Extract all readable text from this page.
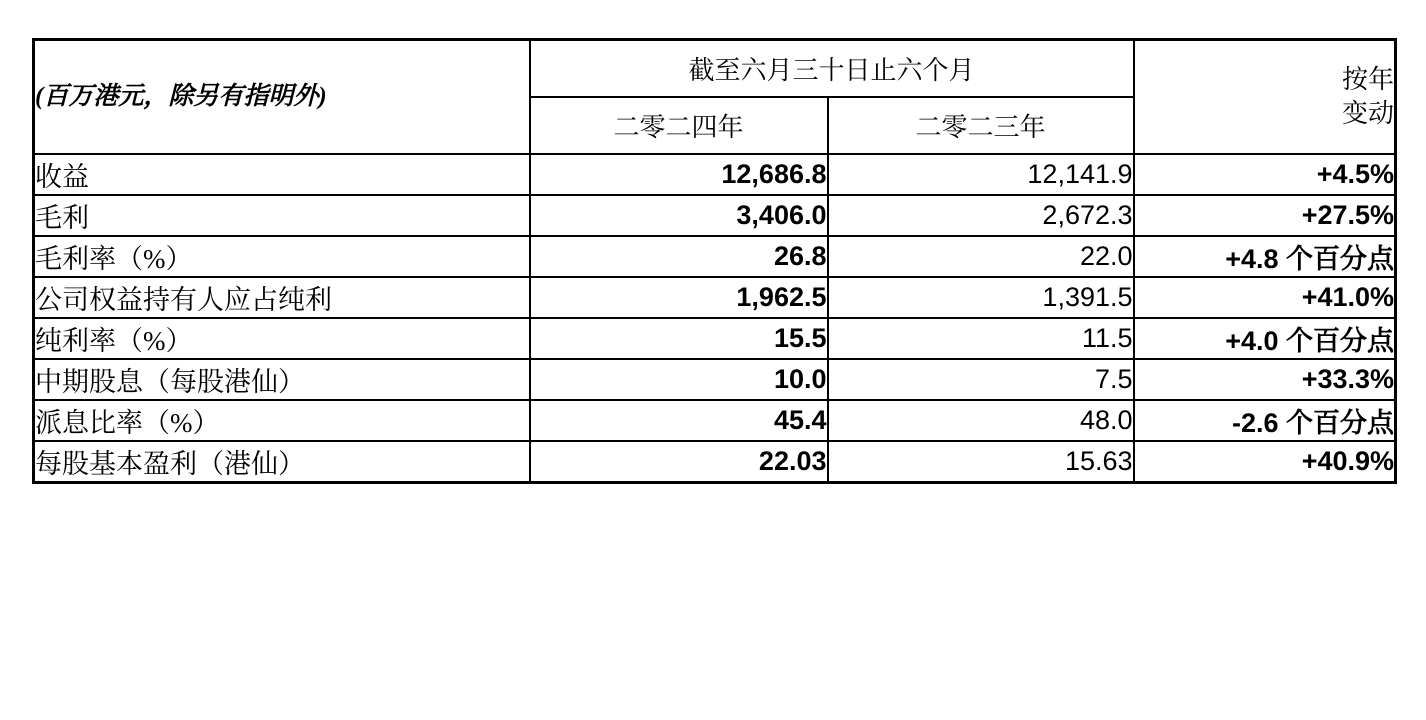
(百万港元，除另有指明外)	截至六月三十日止六个月		按年
变动

	二零二四年	二零二三年	
收益	12,686.8	12,141.9	+4.5%
毛利	3,406.0	2,672.3	+27.5%
毛利率（%）	26.8	22.0	+4.8 个百分点
公司权益持有人应占纯利	1,962.5	1,391.5	+41.0%
纯利率（%）	15.5	11.5	+4.0 个百分点
中期股息（每股港仙）	10.0	7.5	+33.3%
派息比率（%）	45.4	48.0	-2.6 个百分点
每股基本盈利（港仙）	22.03	15.63	+40.9%
